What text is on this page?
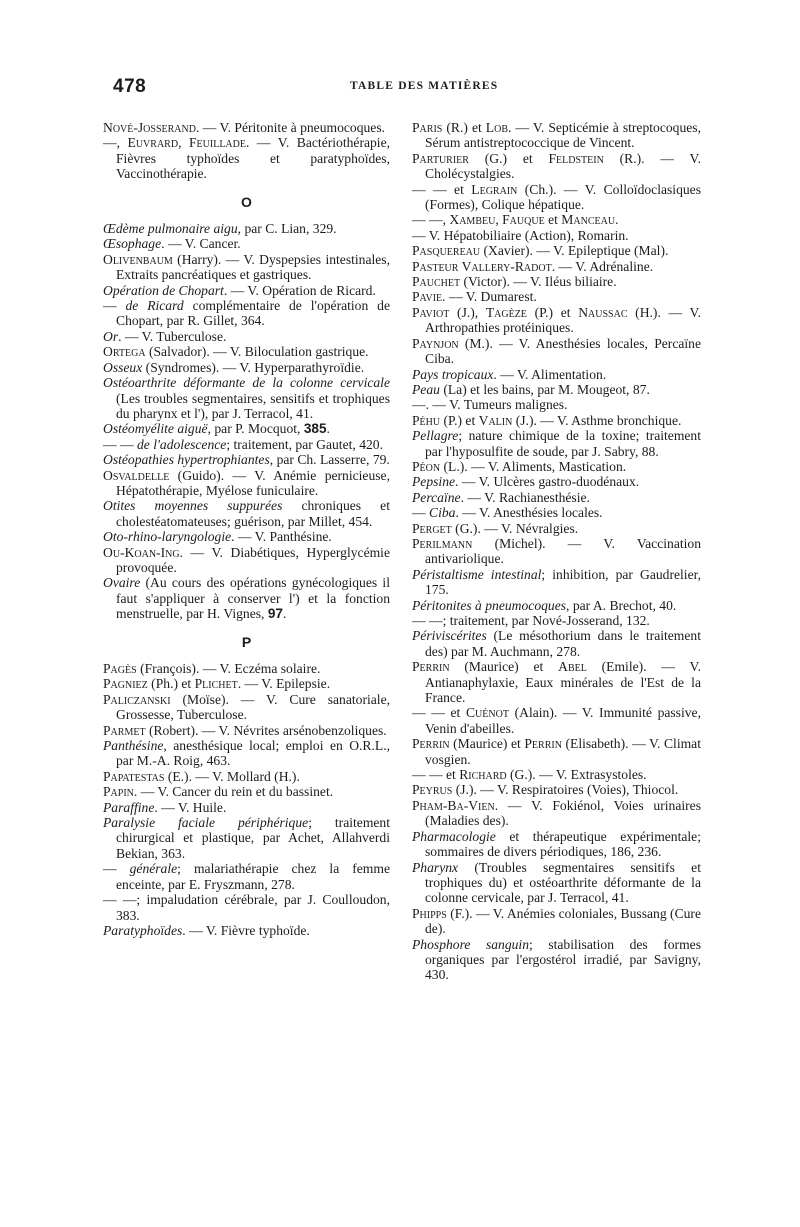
478	TABLE DES MATIÈRES

Nové-Josserand. — V. Péritonite à pneumocoques.

—, Euvrard, Feuillade. — V. Bactériothérapie, Fièvres typhoïdes et paratyphoïdes, Vaccinothérapie.

O

Œdème pulmonaire aigu, par C. Lian, 329.

Œsophage. — V. Cancer.

Olivenbaum (Harry). — V. Dyspepsies intestinales, Extraits pancréatiques et gastriques.

Opération de Chopart. — V. Opération de Ricard.

— de Ricard complémentaire de l'opération de Chopart, par R. Gillet, 364.

Or. — V. Tuberculose.

Ortega (Salvador). — V. Biloculation gastrique.

Osseux (Syndromes). — V. Hyperparathyroïdie.

Ostéoarthrite déformante de la colonne cervicale (Les troubles segmentaires, sensitifs et trophiques du pharynx et l'), par J. Terracol, 41.

Ostéomyélite aiguë, par P. Mocquot, 385.

— — de l'adolescence; traitement, par Gautet, 420.

Ostéopathies hypertrophiantes, par Ch. Lasserre, 79.

Osvaldelle (Guido). — V. Anémie pernicieuse, Hépatothérapie, Myélose funiculaire.

Otites moyennes suppurées chroniques et cholestéatomateuses; guérison, par Millet, 454.

Oto-rhino-laryngologie. — V. Panthésine.

Ou-Koan-Ing. — V. Diabétiques, Hyperglycémie provoquée.

Ovaire (Au cours des opérations gynécologiques il faut s'appliquer à conserver l') et la fonction menstruelle, par H. Vignes, 97.

P

Pagès (François). — V. Eczéma solaire.

Pagniez (Ph.) et Plichet. — V. Epilepsie.

Paliczanski (Moïse). — V. Cure sanatoriale, Grossesse, Tuberculose.

Parmet (Robert). — V. Névrites arsénobenzoliques.

Panthésine, anesthésique local; emploi en O.R.L., par M.-A. Roig, 463.

Papatestas (E.). — V. Mollard (H.).

Papin. — V. Cancer du rein et du bassinet.

Paraffine. — V. Huile.

Paralysie faciale périphérique; traitement chirurgical et plastique, par Achet, Allahverdi Bekian, 363.

— générale; malariathérapie chez la femme enceinte, par E. Fryszmann, 278.

— —; impaludation cérébrale, par J. Coulloudon, 383.

Paratyphoïdes. — V. Fièvre typhoïde.

Paris (R.) et Lob. — V. Septicémie à streptocoques, Sérum antistreptococcique de Vincent.

Parturier (G.) et Feldstein (R.). — V. Cholécystalgies.

— — et Legrain (Ch.). — V. Colloïdoclasiques (Formes), Colique hépatique.

— —, Xambeu, Fauque et Manceau.

— V. Hépatobiliaire (Action), Romarin.

Pasquereau (Xavier). — V. Epileptique (Mal).

Pasteur Vallery-Radot. — V. Adrénaline.

Pauchet (Victor). — V. Iléus biliaire.

Pavie. — V. Dumarest.

Paviot (J.), Tagèze (P.) et Naussac (H.). — V. Arthropathies protéiniques.

Paynjon (M.). — V. Anesthésies locales, Percaïne Ciba.

Pays tropicaux. — V. Alimentation.

Peau (La) et les bains, par M. Mougeot, 87.

—. — V. Tumeurs malignes.

Péhu (P.) et Valin (J.). — V. Asthme bronchique.

Pellagre; nature chimique de la toxine; traitement par l'hyposulfite de soude, par J. Sabry, 88.

Péon (L.). — V. Aliments, Mastication.

Pepsine. — V. Ulcères gastro-duodénaux.

Percaïne. — V. Rachianesthésie.

— Ciba. — V. Anesthésies locales.

Perget (G.). — V. Névralgies.

Perilmann (Michel). — V. Vaccination antivariolique.

Péristaltisme intestinal; inhibition, par Gaudrelier, 175.

Péritonites à pneumocoques, par A. Brechot, 40.

— —; traitement, par Nové-Josserand, 132.

Périviscérites (Le mésothorium dans le traitement des) par M. Auchmann, 278.

Perrin (Maurice) et Abel (Emile). — V. Antianaphylaxie, Eaux minérales de l'Est de la France.

— — et Cuénot (Alain). — V. Immunité passive, Venin d'abeilles.

Perrin (Maurice) et Perrin (Elisabeth). — V. Climat vosgien.

— — et Richard (G.). — V. Extrasystoles.

Peyrus (J.). — V. Respiratoires (Voies), Thiocol.

Pham-Ba-Vien. — V. Fokiénol, Voies urinaires (Maladies des).

Pharmacologie et thérapeutique expérimentale; sommaires de divers périodiques, 186, 236.

Pharynx (Troubles segmentaires sensitifs et trophiques du) et ostéoarthrite déformante de la colonne cervicale, par J. Terracol, 41.

Phipps (F.). — V. Anémies coloniales, Bussang (Cure de).

Phosphore sanguin; stabilisation des formes organiques par l'ergostérol irradié, par Savigny, 430.
